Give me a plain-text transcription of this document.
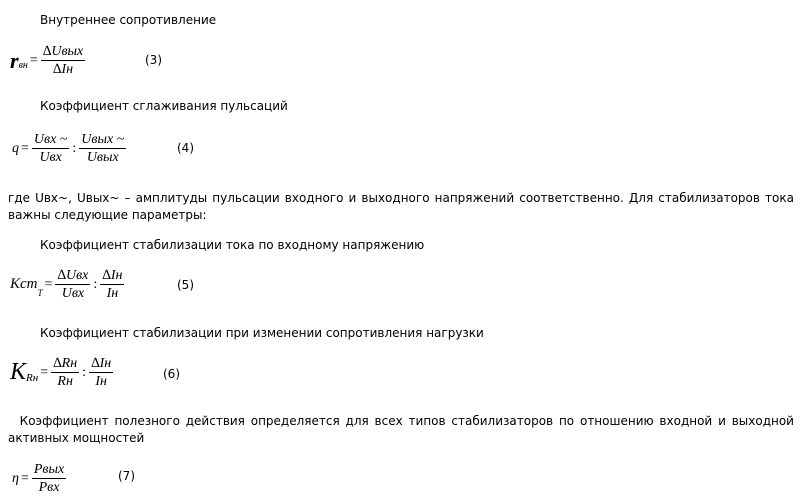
Внутреннее сопротивление
r вн = $\frac{\text{∆Uвых}}{\Delta Iн}$	(3)
Коэффициент сглаживания пульсаций
$q = \frac{\text{Uвх \textasciitilde{}}}{\text{Uвх}}$ : $\frac{\text{Uвых \textasciitilde{}}}{\text{Uвых}}$	(4)
где Uвх~, Uвых~ – амплитуды пульсации входного и выходного напряжений соответственно. Для стабилизаторов тока важны следующие параметры:
Коэффициент стабилизации тока по входному напряжению
Kст
T
= $\frac{\text{∆Uвх}}{\text{Uвх}}$ : $\frac{\Delta Iн}{Iн}$	(5)
Коэффициент стабилизации при изменении сопротивления нагрузки
K Rн = $\frac{\Delta Rн}{Rн}$ : $\frac{\Delta Iн}{Iн}$	(6)
Коэффициент полезного действия определяется для всех типов стабилизаторов по отношению входной и выходной активных мощностей
$\eta = \frac{\text{Pвых}}{\text{Pвх}}$	(7)
